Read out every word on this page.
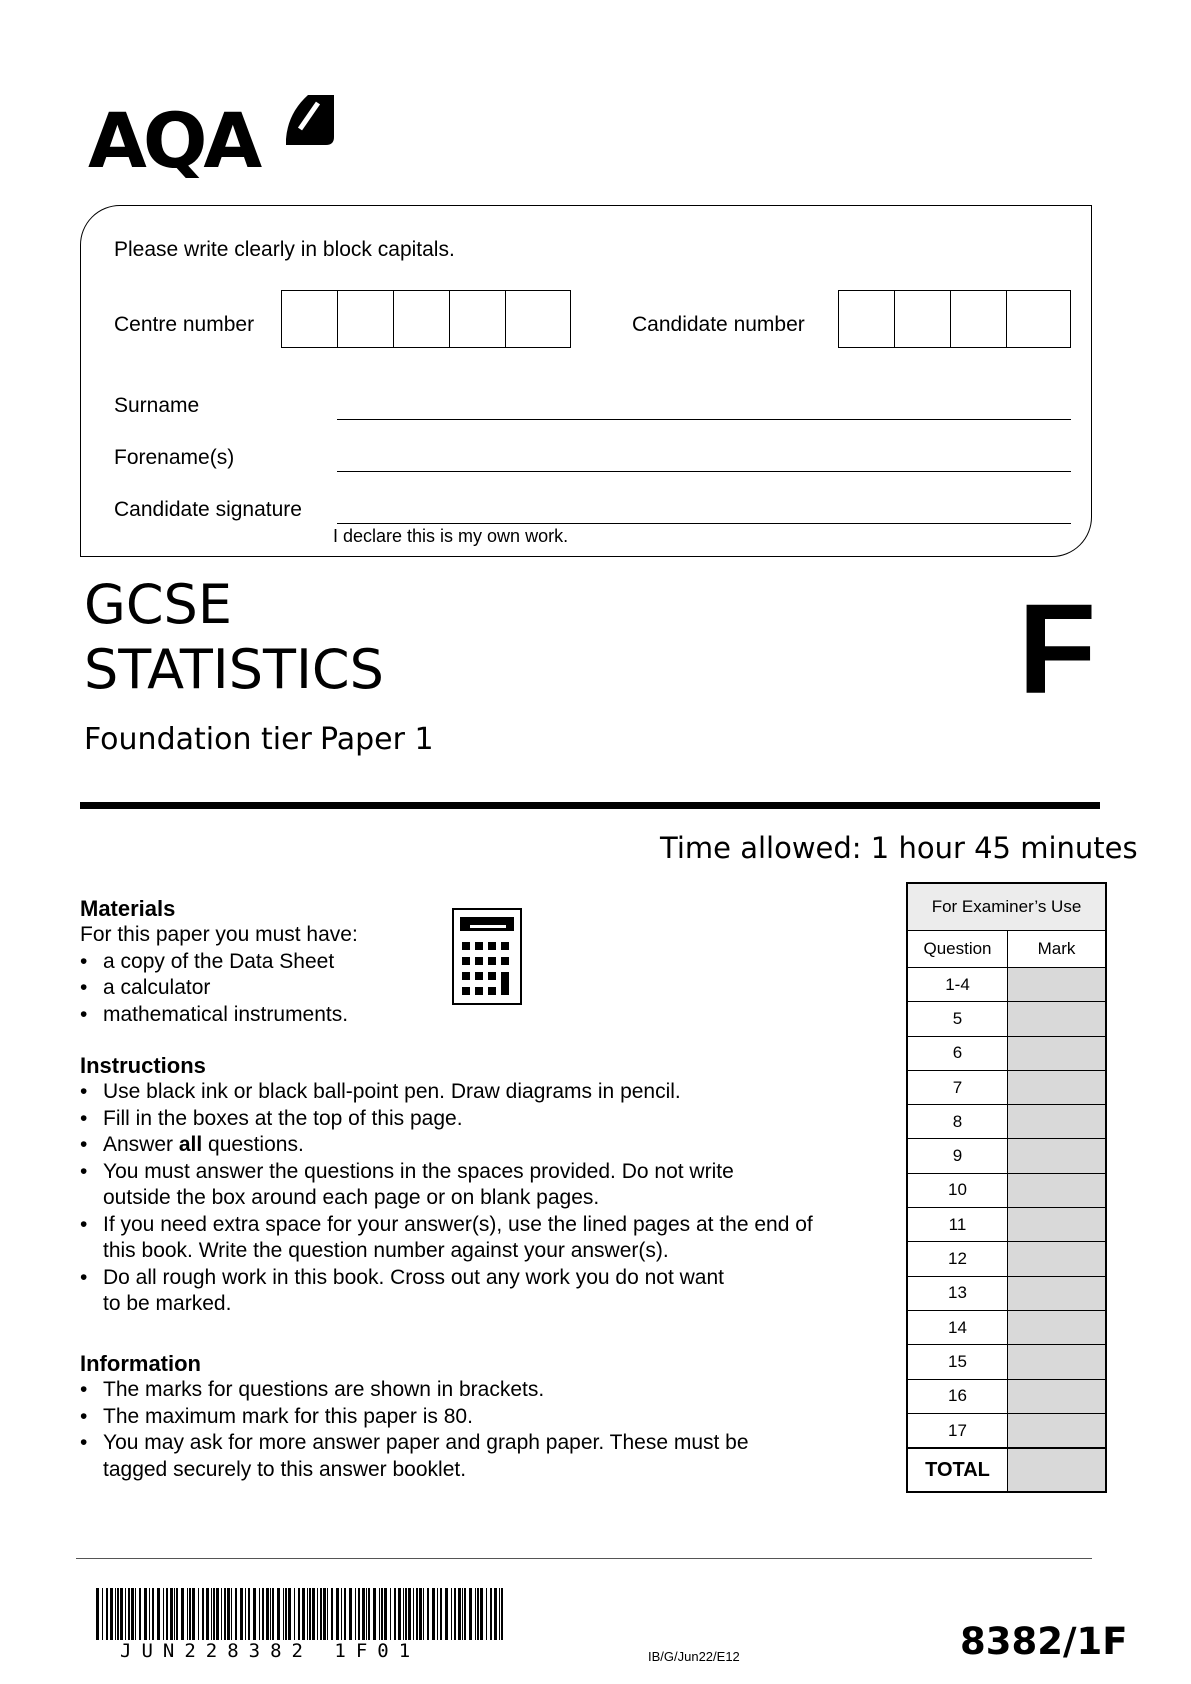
AQA
Please write clearly in block capitals.
Centre number	Candidate number
Surname
Forename(s)
Candidate signature
I declare this is my own work.
GCSE
STATISTICS
Foundation tier Paper 1
F
Time allowed: 1 hour 45 minutes
Materials
For this paper you must have:
• a copy of the Data Sheet
• a calculator
• mathematical instruments.
Instructions
• Use black ink or black ball-point pen. Draw diagrams in pencil.
• Fill in the boxes at the top of this page.
• Answer all questions.
• You must answer the questions in the spaces provided. Do not write
outside the box around each page or on blank pages.
• If you need extra space for your answer(s), use the lined pages at the end of
this book. Write the question number against your answer(s).
• Do all rough work in this book. Cross out any work you do not want
to be marked.
Information
• The marks for questions are shown in brackets.
• The maximum mark for this paper is 80.
• You may ask for more answer paper and graph paper. These must be
tagged securely to this answer booklet.
For Examiner’s Use
Question	Mark
1-4
5
6
7
8
9
10
11
12
13
14
15
16
17
TOTAL
JUN228382 1F01	IB/G/Jun22/E12	8382/1F
